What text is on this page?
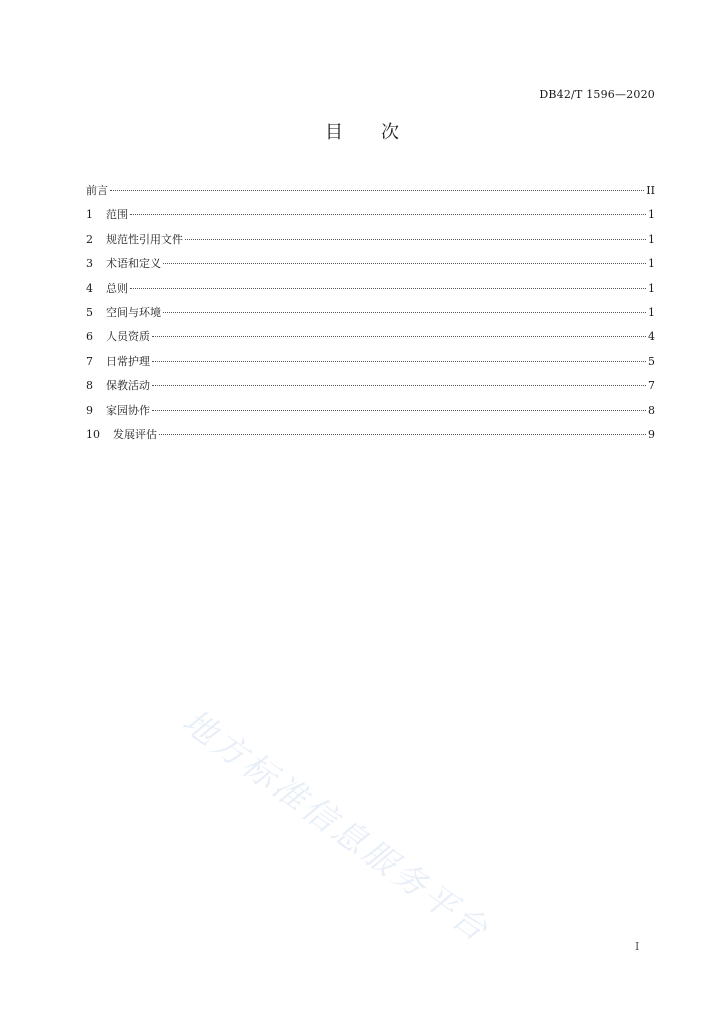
DB42/T 1596—2020
目 次
前言	II
1	范围	1
2	规范性引用文件	1
3	术语和定义	1
4	总则	1
5	空间与环境	1
6	人员资质	4
7	日常护理	5
8	保教活动	7
9	家园协作	8
10	发展评估	9
地方标准信息服务平台	I
